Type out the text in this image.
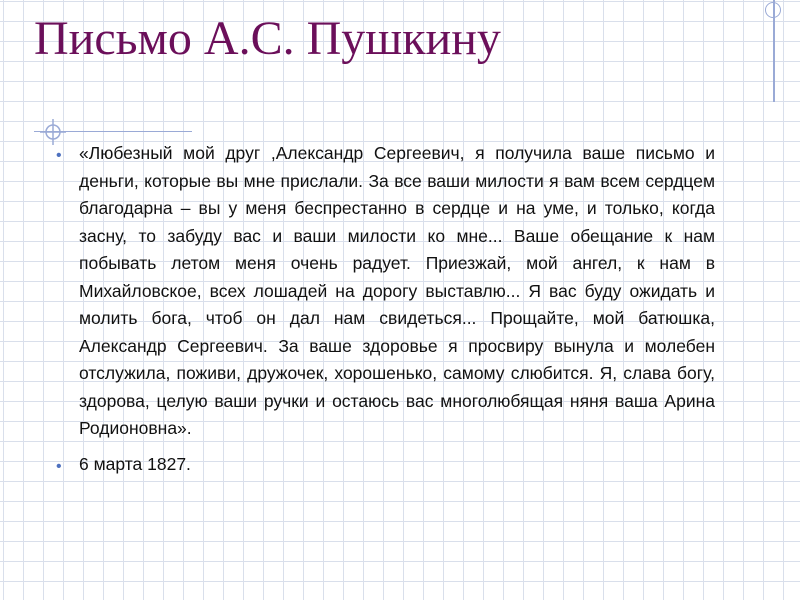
Письмо А.С. Пушкину
• «Любезный мой друг ,Александр Сергеевич, я получила ваше письмо и деньги, которые вы мне прислали. За все ваши милости я вам всем сердцем благодарна – вы у меня беспрестанно в сердце и на уме, и только, когда засну, то забуду вас и ваши милости ко мне... Ваше обещание к нам побывать летом меня очень радует. Приезжай, мой ангел, к нам в Михайловское, всех лошадей на дорогу выставлю... Я вас буду ожидать и молить бога, чтоб он дал нам свидеться... Прощайте, мой батюшка, Александр Сергеевич. За ваше здоровье я просвиру вынула и молебен отслужила, поживи, дружочек, хорошенько, самому слюбится. Я, слава богу, здорова, целую ваши ручки и остаюсь вас многолюбящая няня ваша Арина Родионовна».
• 6 марта 1827.
